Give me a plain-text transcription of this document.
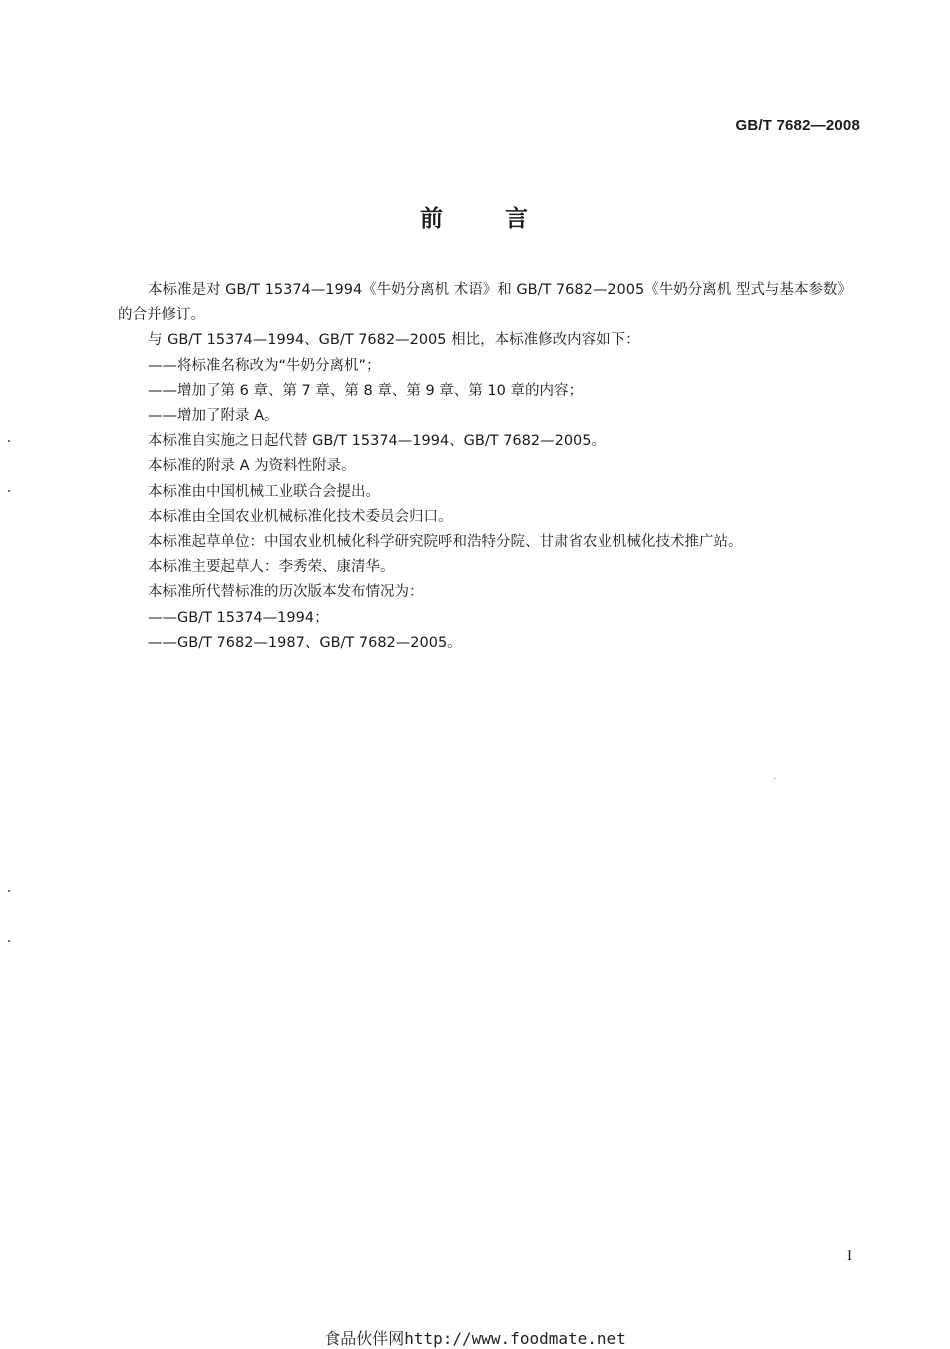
GB/T 7682—2008
前	言

本标准是对 GB/T 15374—1994《牛奶分离机 术语》和 GB/T 7682—2005《牛奶分离机 型式与基本参数》的合并修订。

与 GB/T 15374—1994、GB/T 7682—2005 相比，本标准修改内容如下：

——将标准名称改为“牛奶分离机”；

——增加了第 6 章、第 7 章、第 8 章、第 9 章、第 10 章的内容；

——增加了附录 A。

本标准自实施之日起代替 GB/T 15374—1994、GB/T 7682—2005。

本标准的附录 A 为资料性附录。

本标准由中国机械工业联合会提出。

本标准由全国农业机械标准化技术委员会归口。

本标准起草单位：中国农业机械化科学研究院呼和浩特分院、甘肃省农业机械化技术推广站。

本标准主要起草人：李秀荣、康清华。

本标准所代替标准的历次版本发布情况为：

——GB/T 15374—1994；

——GB/T 7682—1987、GB/T 7682—2005。

I
食品伙伴网http://www.foodmate.net
